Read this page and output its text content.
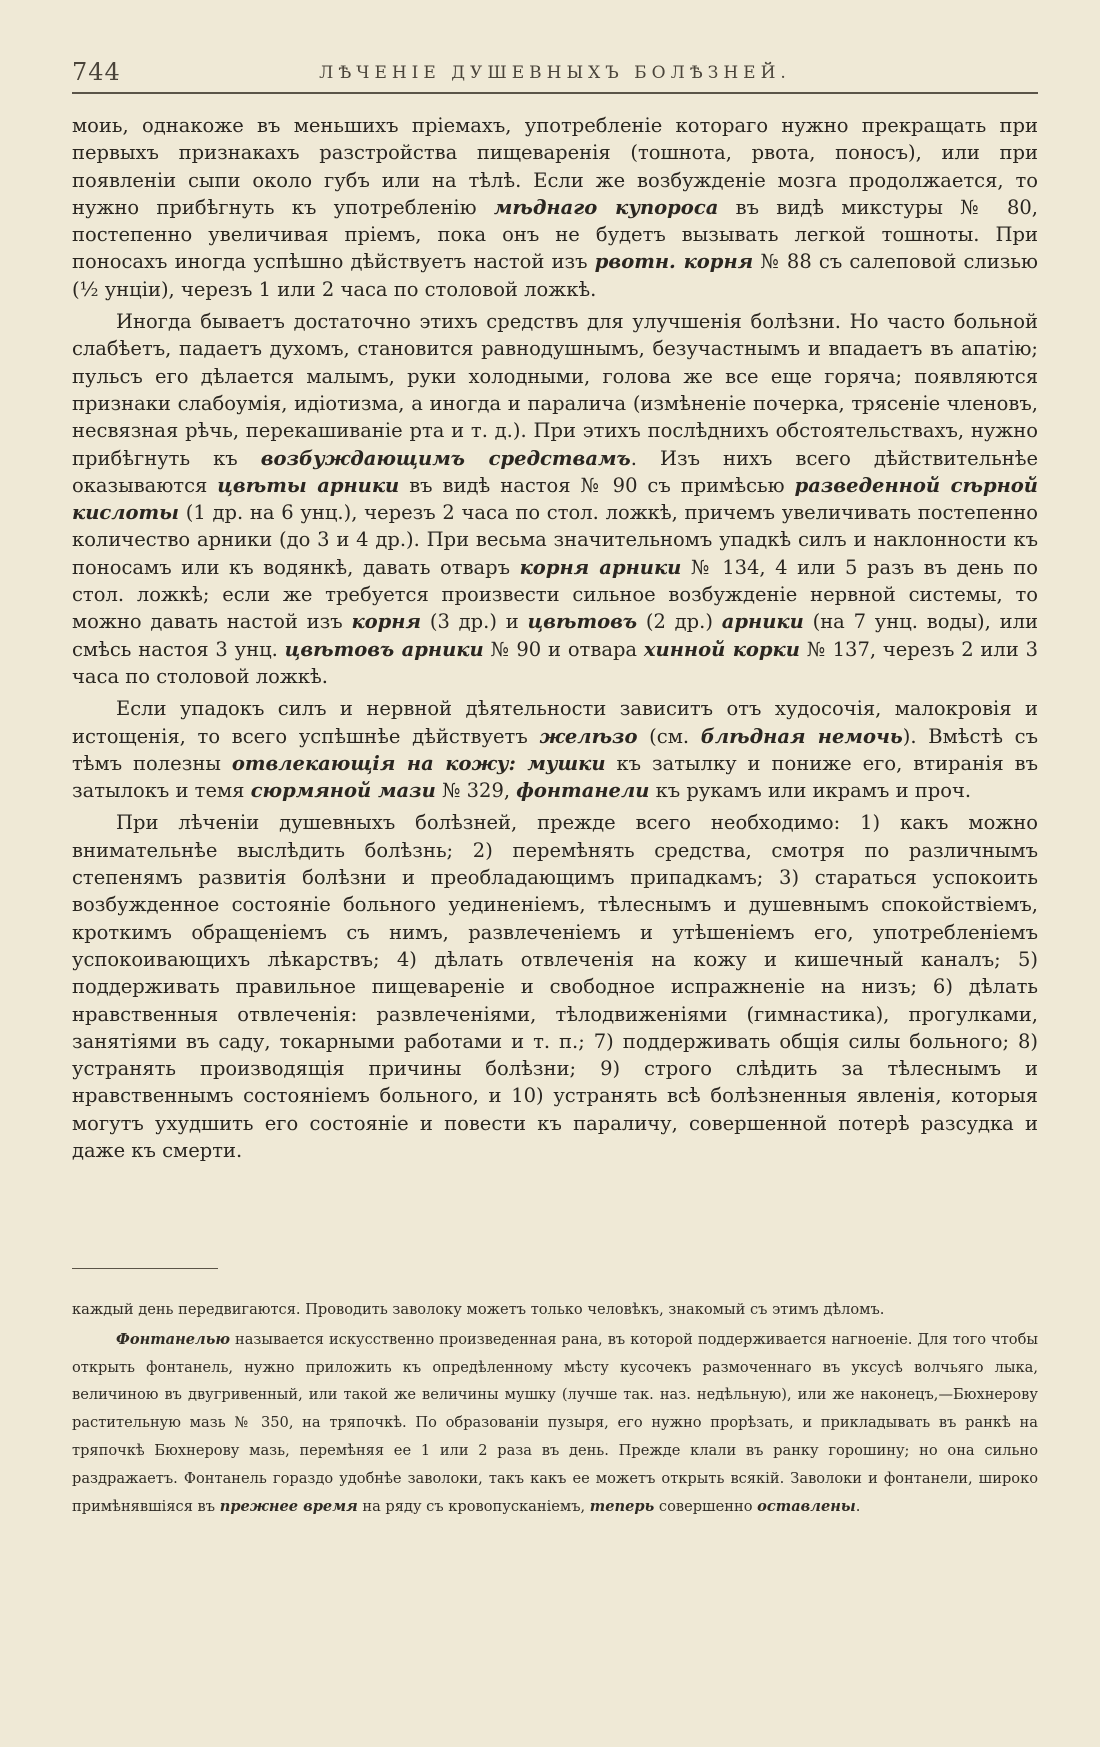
744	ЛѢЧЕНІЕ ДУШЕВНЫХЪ БОЛѢЗНЕЙ.

моиь, однакоже въ меньшихъ пріемахъ, употребленіе котораго нужно прекращать при первыхъ признакахъ разстройства пищеваренія (тошнота, рвота, поносъ), или при появленіи сыпи около губъ или на тѣлѣ. Если же возбужденіе мозга продолжается, то нужно прибѣгнуть къ употребленію мѣднаго купороса въ видѣ микстуры № 80, постепенно увеличивая пріемъ, пока онъ не будетъ вызывать легкой тошноты. При поносахъ иногда успѣшно дѣйствуетъ настой изъ рвотн. корня № 88 съ салеповой слизью (½ унціи), черезъ 1 или 2 часа по столовой ложкѣ.

Иногда бываетъ достаточно этихъ средствъ для улучшенія болѣзни. Но часто больной слабѣетъ, падаетъ духомъ, становится равнодушнымъ, безучастнымъ и впадаетъ въ апатію; пульсъ его дѣлается малымъ, руки холодными, голова же все еще горяча; появляются признаки слабоумія, идіотизма, а иногда и паралича (измѣненіе почерка, трясеніе членовъ, несвязная рѣчь, перекашиваніе рта и т. д.). При этихъ послѣднихъ обстоятельствахъ, нужно прибѣгнуть къ возбуждающимъ средствамъ. Изъ нихъ всего дѣйствительнѣе оказываются цвѣты арники въ видѣ настоя № 90 съ примѣсью разведенной сѣрной кислоты (1 др. на 6 унц.), черезъ 2 часа по стол. ложкѣ, причемъ увеличивать постепенно количество арники (до 3 и 4 др.). При весьма значительномъ упадкѣ силъ и наклонности къ поносамъ или къ водянкѣ, давать отваръ корня арники № 134, 4 или 5 разъ въ день по стол. ложкѣ; если же требуется произвести сильное возбужденіе нервной системы, то можно давать настой изъ корня (3 др.) и цвѣтовъ (2 др.) арники (на 7 унц. воды), или смѣсь настоя 3 унц. цвѣтовъ арники № 90 и отвара хинной корки № 137, черезъ 2 или 3 часа по столовой ложкѣ.

Если упадокъ силъ и нервной дѣятельности зависитъ отъ худосочія, малокровія и истощенія, то всего успѣшнѣе дѣйствуетъ желѣзо (см. блѣдная немочь). Вмѣстѣ съ тѣмъ полезны отвлекающія на кожу: мушки къ затылку и пониже его, втиранія въ затылокъ и темя сюрмяной мази № 329, фонтанели къ рукамъ или икрамъ и проч.

При лѣченіи душевныхъ болѣзней, прежде всего необходимо: 1) какъ можно внимательнѣе выслѣдить болѣзнь; 2) перемѣнять средства, смотря по различнымъ степенямъ развитія болѣзни и преобладающимъ припадкамъ; 3) стараться успокоить возбужденное состояніе больного уединеніемъ, тѣлеснымъ и душевнымъ спокойствіемъ, кроткимъ обращеніемъ съ нимъ, развлеченіемъ и утѣшеніемъ его, употребленіемъ успокоивающихъ лѣкарствъ; 4) дѣлать отвлеченія на кожу и кишечный каналъ; 5) поддерживать правильное пищевареніе и свободное испражненіе на низъ; 6) дѣлать нравственныя отвлеченія: развлеченіями, тѣлодвиженіями (гимнастика), прогулками, занятіями въ саду, токарными работами и т. п.; 7) поддерживать общія силы больного; 8) устранять производящія причины болѣзни; 9) строго слѣдить за тѣлеснымъ и нравственнымъ состояніемъ больного, и 10) устранять всѣ болѣзненныя явленія, которыя могутъ ухудшить его состояніе и повести къ параличу, совершенной потерѣ разсудка и даже къ смерти.

каждый день передвигаются. Проводить заволоку можетъ только человѣкъ, знакомый съ этимъ дѣломъ.

Фонтанелью называется искусственно произведенная рана, въ которой поддерживается нагноеніе. Для того чтобы открыть фонтанель, нужно приложить къ опредѣленному мѣсту кусочекъ размоченнаго въ уксусѣ волчьяго лыка, величиною въ двугривенный, или такой же величины мушку (лучше так. наз. недѣльную), или же наконецъ,—Бюхнерову растительную мазь № 350, на тряпочкѣ. По образованіи пузыря, его нужно прорѣзать, и прикладывать въ ранкѣ на тряпочкѣ Бюхнерову мазь, перемѣняя ее 1 или 2 раза въ день. Прежде клали въ ранку горошину; но она сильно раздражаетъ. Фонтанель гораздо удобнѣе заволоки, такъ какъ ее можетъ открыть всякій. Заволоки и фонтанели, широко примѣнявшіяся въ прежнее время на ряду съ кровопусканіемъ, теперь совершенно оставлены.
